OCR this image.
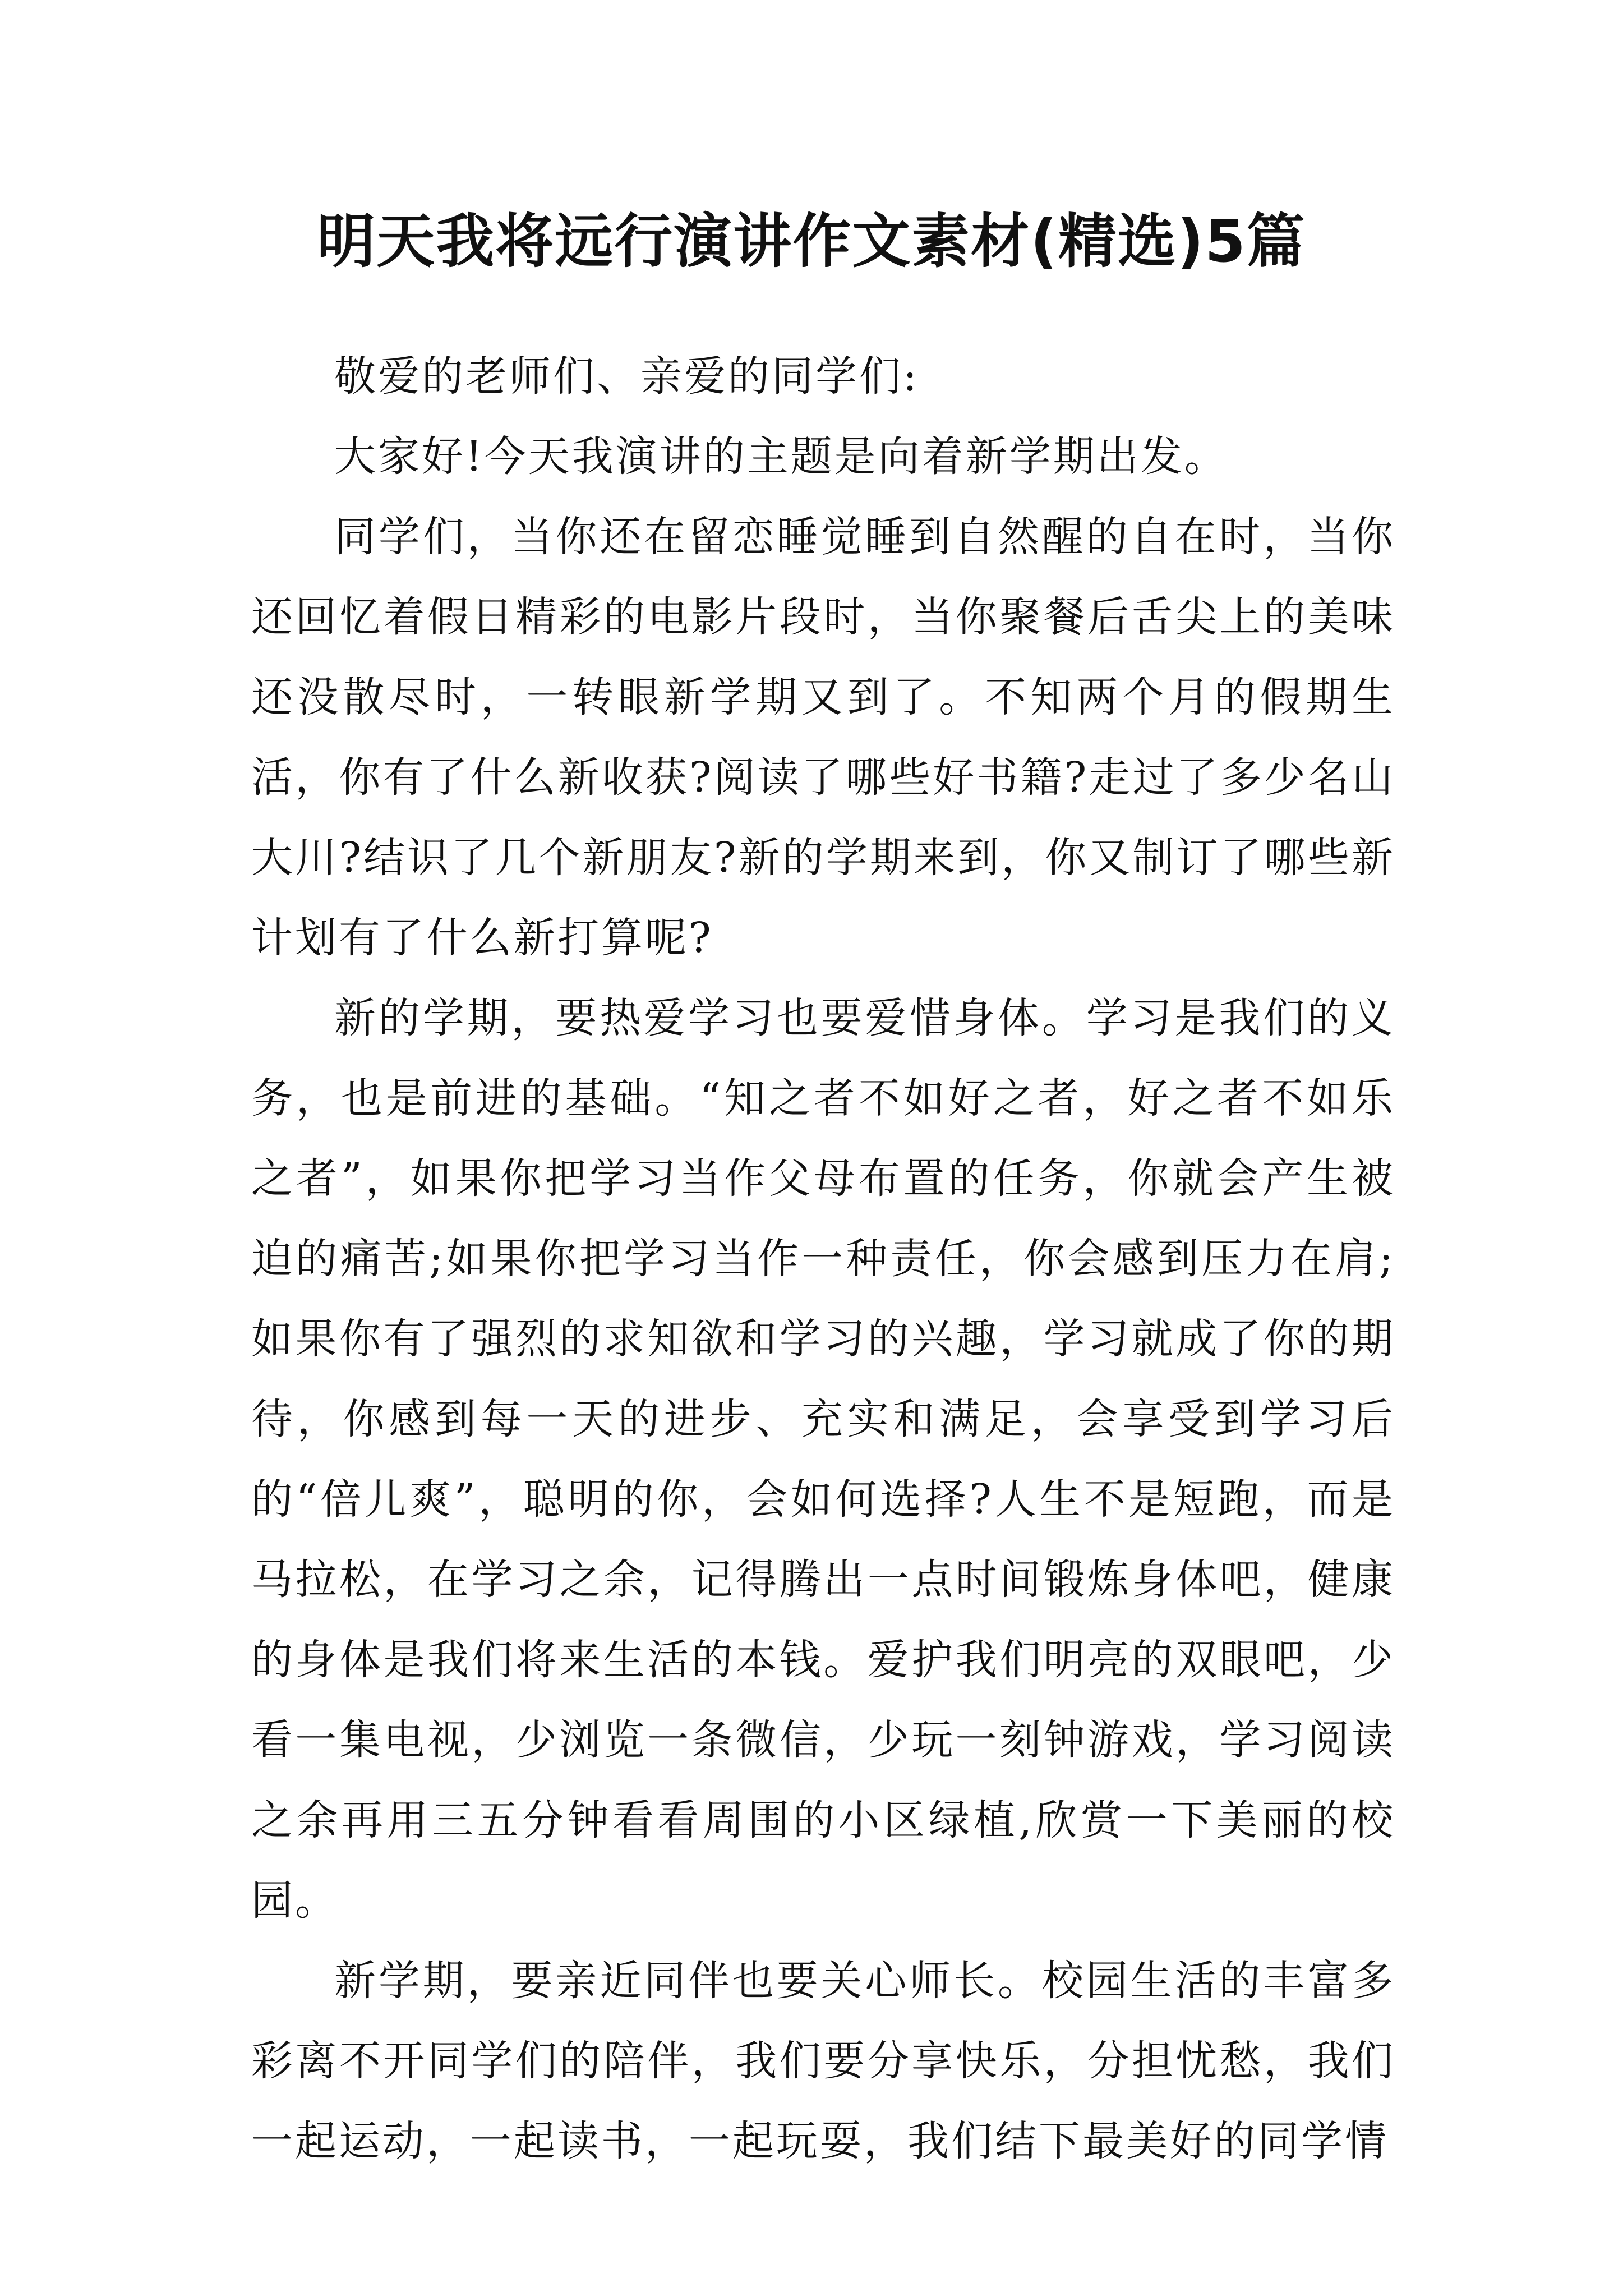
明天我将远行演讲作文素材(精选)5篇

敬爱的老师们、亲爱的同学们:

大家好!今天我演讲的主题是向着新学期出发。

同学们，当你还在留恋睡觉睡到自然醒的自在时，当你还回忆着假日精彩的电影片段时，当你聚餐后舌尖上的美味还没散尽时，一转眼新学期又到了。不知两个月的假期生活，你有了什么新收获?阅读了哪些好书籍?走过了多少名山大川?结识了几个新朋友?新的学期来到，你又制订了哪些新计划有了什么新打算呢?

新的学期，要热爱学习也要爱惜身体。学习是我们的义务，也是前进的基础。“知之者不如好之者，好之者不如乐之者”，如果你把学习当作父母布置的任务，你就会产生被迫的痛苦;如果你把学习当作一种责任，你会感到压力在肩;如果你有了强烈的求知欲和学习的兴趣，学习就成了你的期待，你感到每一天的进步、充实和满足，会享受到学习后的“倍儿爽”，聪明的你，会如何选择?人生不是短跑，而是马拉松，在学习之余，记得腾出一点时间锻炼身体吧，健康的身体是我们将来生活的本钱。爱护我们明亮的双眼吧，少看一集电视，少浏览一条微信，少玩一刻钟游戏，学习阅读之余再用三五分钟看看周围的小区绿植,欣赏一下美丽的校园。

新学期，要亲近同伴也要关心师长。校园生活的丰富多彩离不开同学们的陪伴，我们要分享快乐，分担忧愁，我们一起运动，一起读书，一起玩耍，我们结下最美好的同学情
